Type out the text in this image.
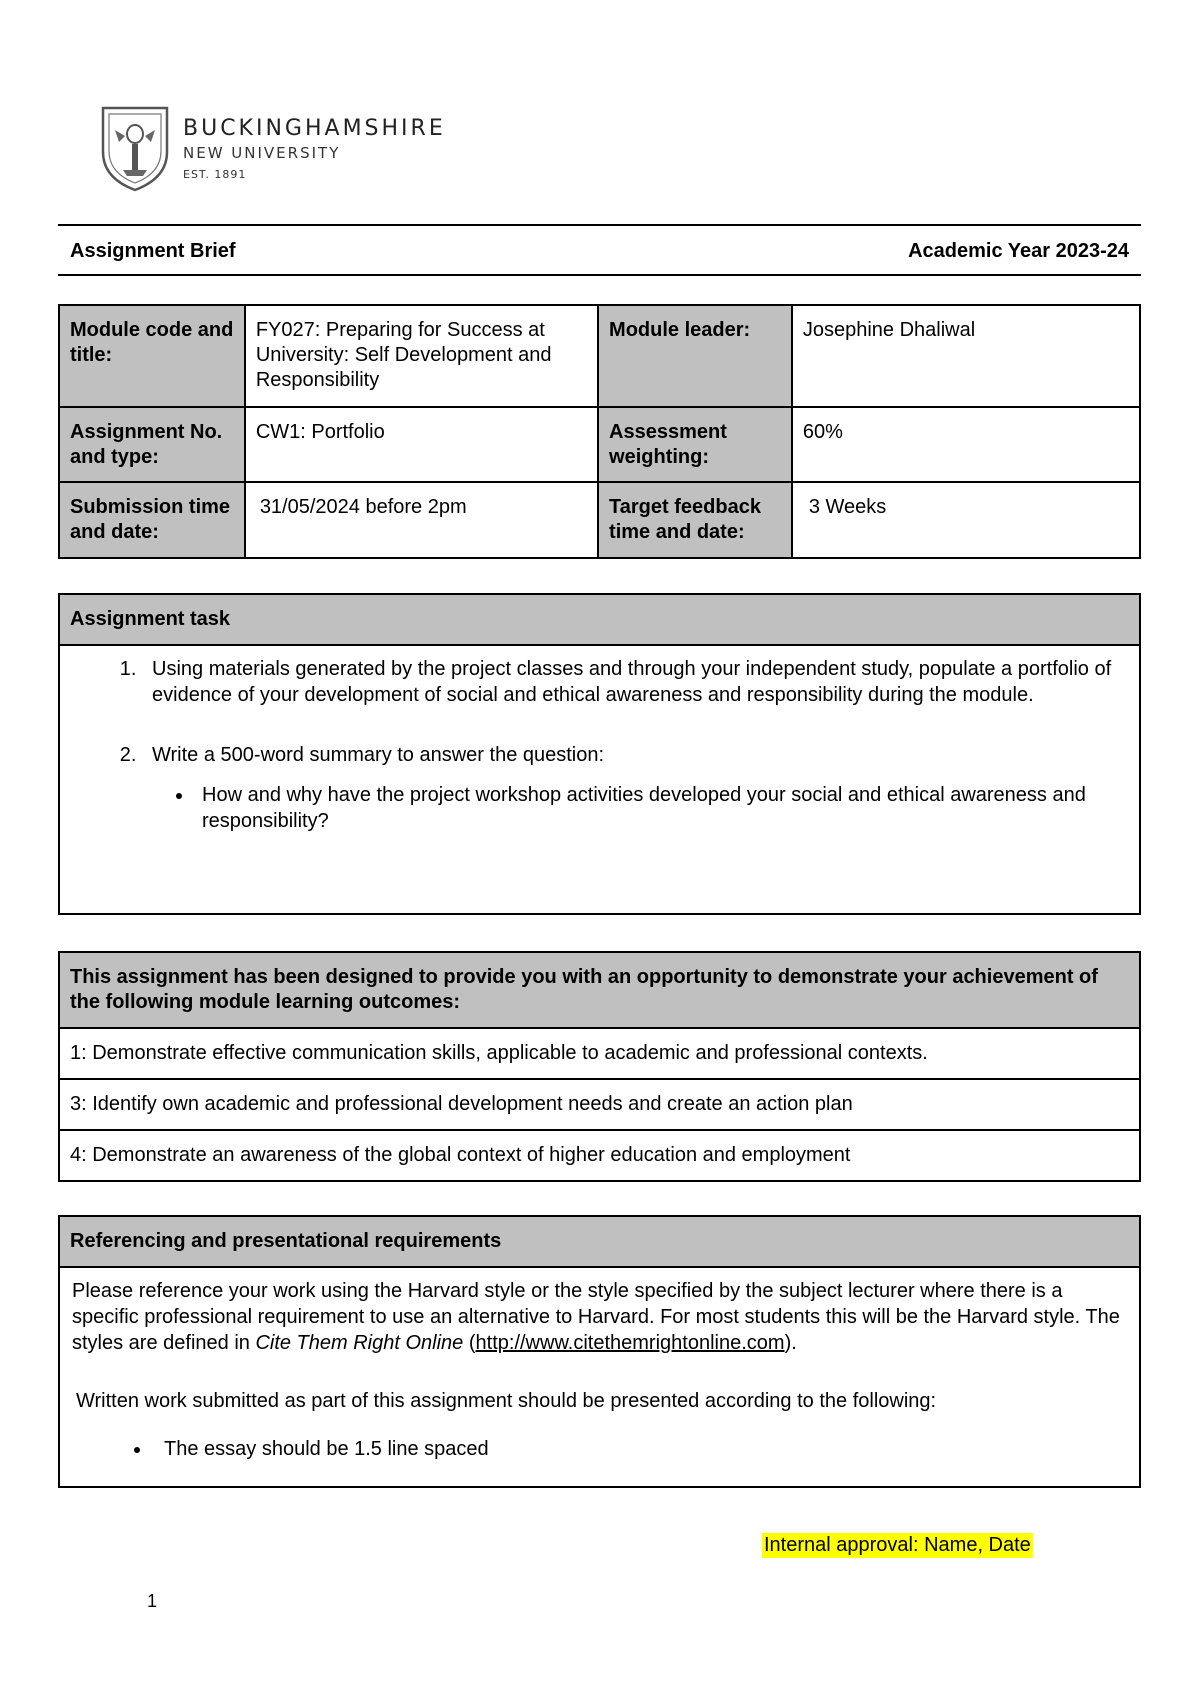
BUCKINGHAMSHIRE
NEW UNIVERSITY
EST. 1891
Assignment Brief	Academic Year 2023-24
Module code and title:	FY027: Preparing for Success at University: Self Development and Responsibility	Module leader:	Josephine Dhaliwal
Assignment No. and type:	CW1: Portfolio	Assessment weighting:	60%
Submission time and date:	31/05/2024 before 2pm	Target feedback time and date:	3 Weeks
Assignment task
1. Using materials generated by the project classes and through your independent study, populate a portfolio of evidence of your development of social and ethical awareness and responsibility during the module.
2. Write a 500-word summary to answer the question:
• How and why have the project workshop activities developed your social and ethical awareness and responsibility?
This assignment has been designed to provide you with an opportunity to demonstrate your achievement of the following module learning outcomes:
1: Demonstrate effective communication skills, applicable to academic and professional contexts.
3: Identify own academic and professional development needs and create an action plan
4: Demonstrate an awareness of the global context of higher education and employment
Referencing and presentational requirements

Please reference your work using the Harvard style or the style specified by the subject lecturer where there is a specific professional requirement to use an alternative to Harvard. For most students this will be the Harvard style. The styles are defined in Cite Them Right Online (http://www.citethemrightonline.com).

Written work submitted as part of this assignment should be presented according to the following:

• The essay should be 1.5 line spaced
Internal approval: Name, Date
1
